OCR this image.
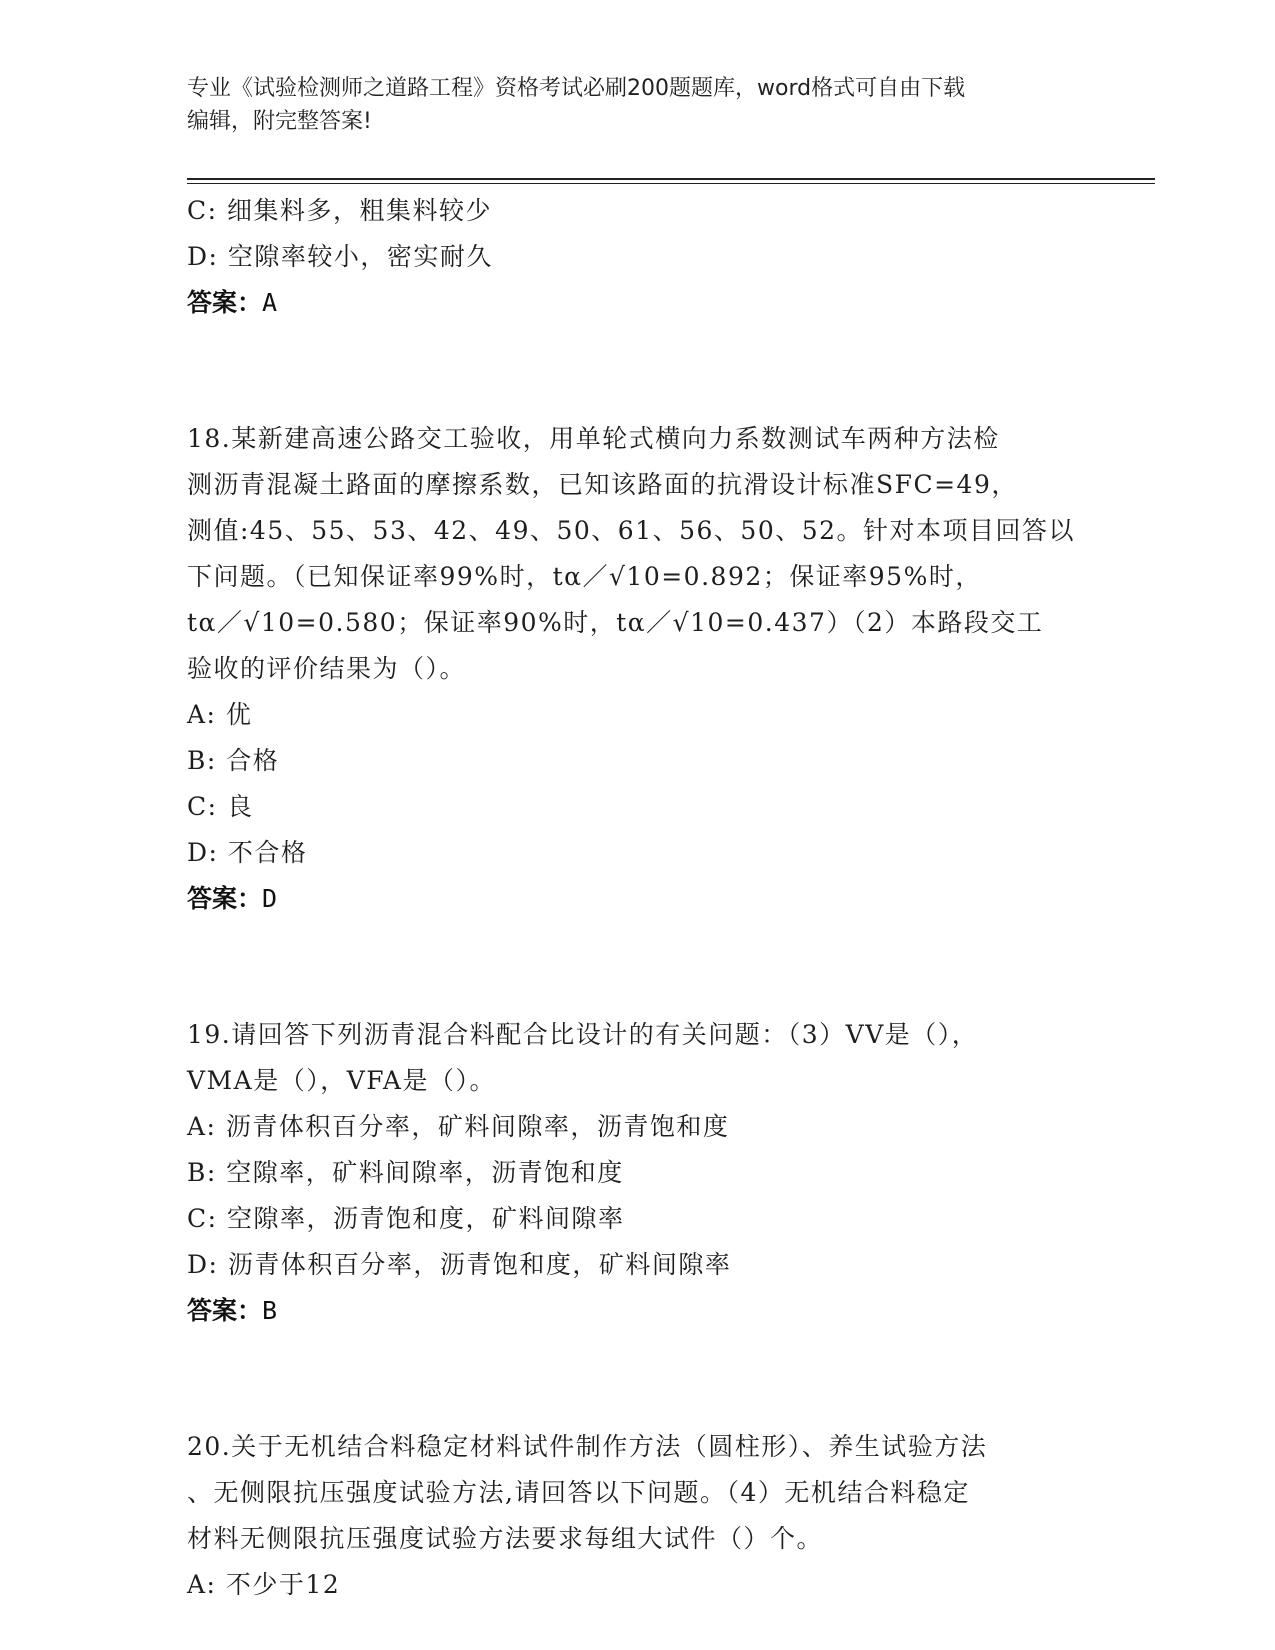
专业《试验检测师之道路工程》资格考试必刷200题题库，word格式可自由下载
编辑，附完整答案!
C: 细集料多，粗集料较少
D: 空隙率较小，密实耐久
答案：A
18.某新建高速公路交工验收，用单轮式横向力系数测试车两种方法检
测沥青混凝土路面的摩擦系数，已知该路面的抗滑设计标准SFC=49，
测值:45、55、53、42、49、50、61、56、50、52。针对本项目回答以
下问题。（已知保证率99%时，tα／√10=0.892；保证率95%时，
tα／√10=0.580；保证率90%时，tα／√10=0.437）（2）本路段交工
验收的评价结果为（）。
A: 优
B: 合格
C: 良
D: 不合格
答案：D
19.请回答下列沥青混合料配合比设计的有关问题：（3）VV是（），
VMA是（），VFA是（）。
A: 沥青体积百分率，矿料间隙率，沥青饱和度
B: 空隙率，矿料间隙率，沥青饱和度
C: 空隙率，沥青饱和度，矿料间隙率
D: 沥青体积百分率，沥青饱和度，矿料间隙率
答案：B
20.关于无机结合料稳定材料试件制作方法（圆柱形）、养生试验方法
、无侧限抗压强度试验方法,请回答以下问题。（4）无机结合料稳定
材料无侧限抗压强度试验方法要求每组大试件（）个。
A: 不少于12
